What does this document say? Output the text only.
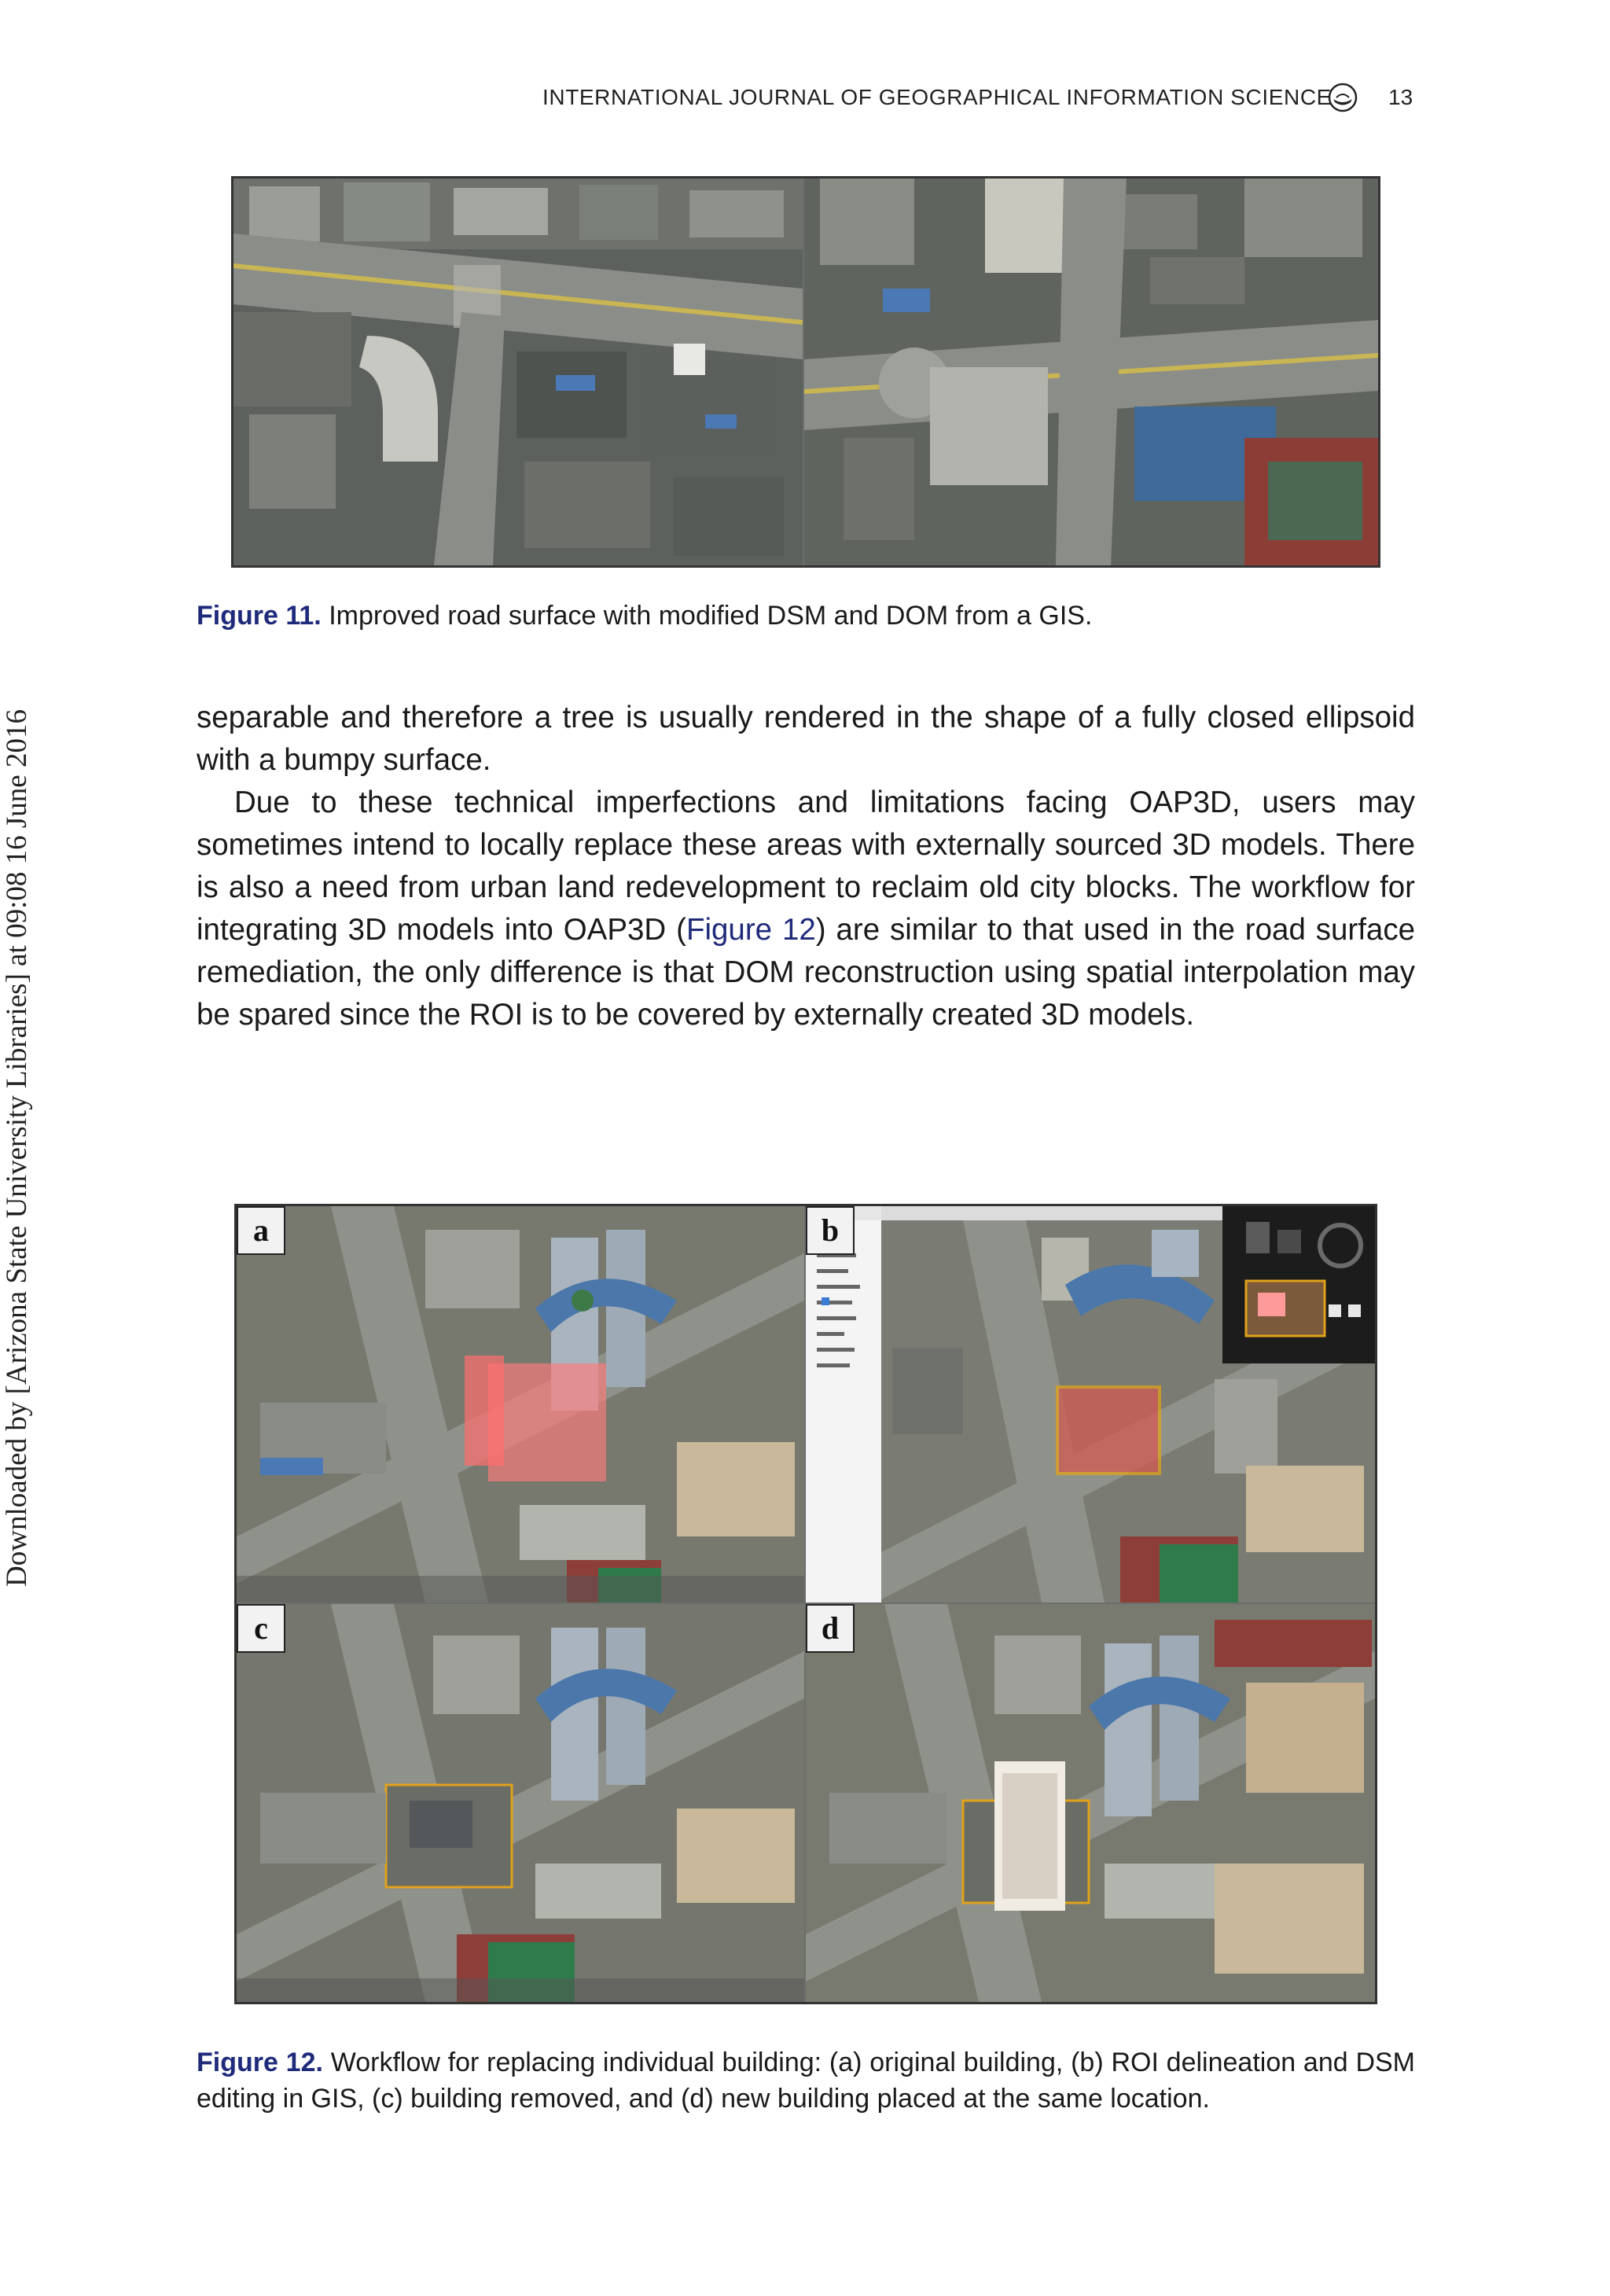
INTERNATIONAL JOURNAL OF GEOGRAPHICAL INFORMATION SCIENCE	13
Downloaded by [Arizona State University Libraries] at 09:08 16 June 2016
Figure 11. Improved road surface with modified DSM and DOM from a GIS.

separable and therefore a tree is usually rendered in the shape of a fully closed ellipsoid with a bumpy surface.

Due to these technical imperfections and limitations facing OAP3D, users may sometimes intend to locally replace these areas with externally sourced 3D models. There is also a need from urban land redevelopment to reclaim old city blocks. The workflow for integrating 3D models into OAP3D (Figure 12) are similar to that used in the road surface remediation, the only difference is that DOM reconstruction using spatial interpolation may be spared since the ROI is to be covered by externally created 3D models.

a	b
c	d
Figure 12. Workflow for replacing individual building: (a) original building, (b) ROI delineation and DSM editing in GIS, (c) building removed, and (d) new building placed at the same location.
